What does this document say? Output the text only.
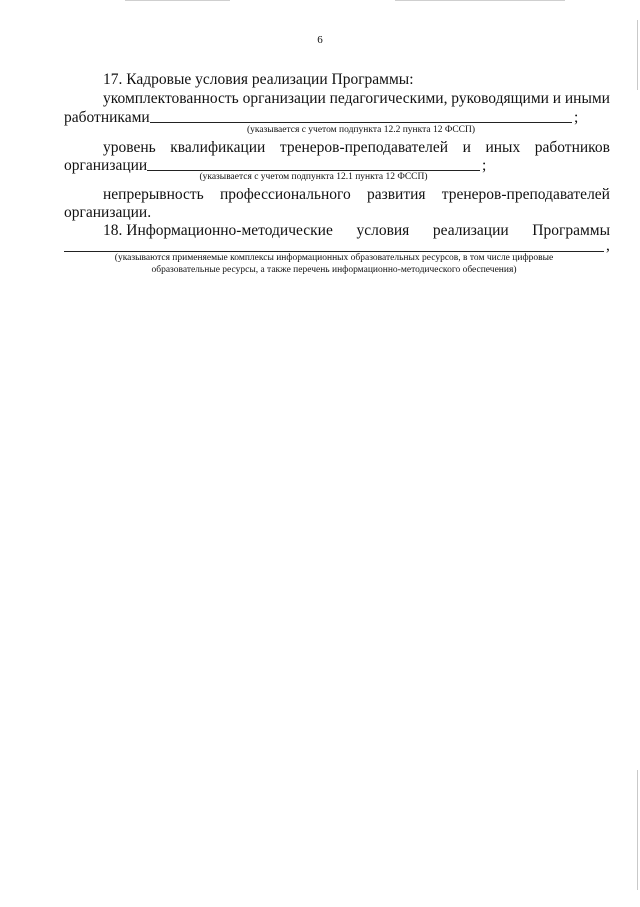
6
17. Кадровые условия реализации Программы:
укомплектованность организации педагогическими, руководящими и иными
работниками	;
(указывается с учетом подпункта 12.2 пункта 12 ФССП)
уровень квалификации тренеров-преподавателей и иных работников
организации	;
(указывается с учетом подпункта 12.1 пункта 12 ФССП)
непрерывность профессионального развития тренеров-преподавателей
организации.
18. Информационно-методические условия реализации Программы
,
(указываются применяемые комплексы информационных образовательных ресурсов, в том числе цифровые
образовательные ресурсы, а также перечень информационно-методического обеспечения)
